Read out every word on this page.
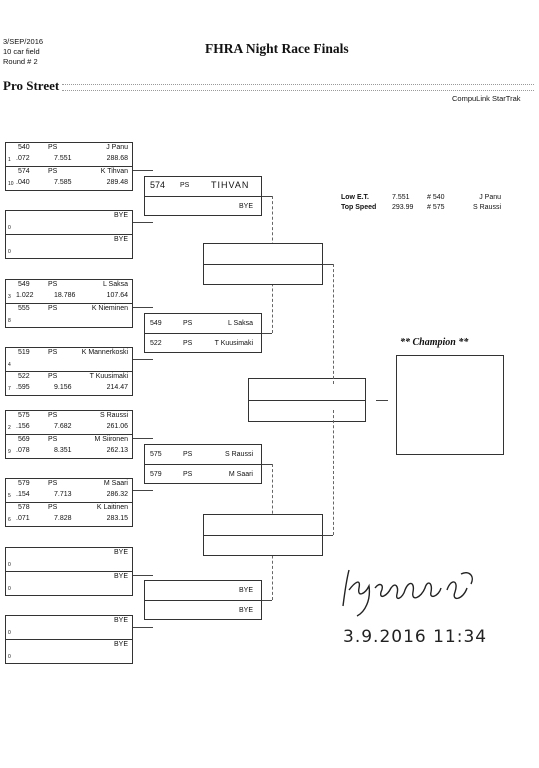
3/SEP/2016
10 car field
Round # 2
FHRA Night Race Finals
Pro Street
CompuLink StarTrak
540	PS	J Panu
1 .072	7.551	288.68
574	PS	K Tihvan
10 .040	7.585	289.48
BYE
0
BYE
0
549	PS	L Saksa
3 1.022	18.786	107.64
555	PS	K Nieminen
8
519	PS	K Mannerkoski
4
522	PS	T Kuusimaki
7 .595	9.156	214.47
575	PS	S Raussi
2 .156	7.682	261.06
569	PS	M Siironen
9 .078	8.351	262.13
579	PS	M Saari
5 .154	7.713	286.32
578	PS	K Laitinen
6 .071	7.828	283.15
BYE
0
BYE
0
BYE
0
BYE
0
574 PS TIHVAN
BYE
549	PS	L Saksa
522	PS	T Kuusimaki
575	PS	S Raussi
579	PS	M Saari
BYE
BYE
** Champion **
Low E.T.	7.551 # 540	J Panu
Top Speed 293.99 # 575	S Raussi
3.9.2016 11:34
